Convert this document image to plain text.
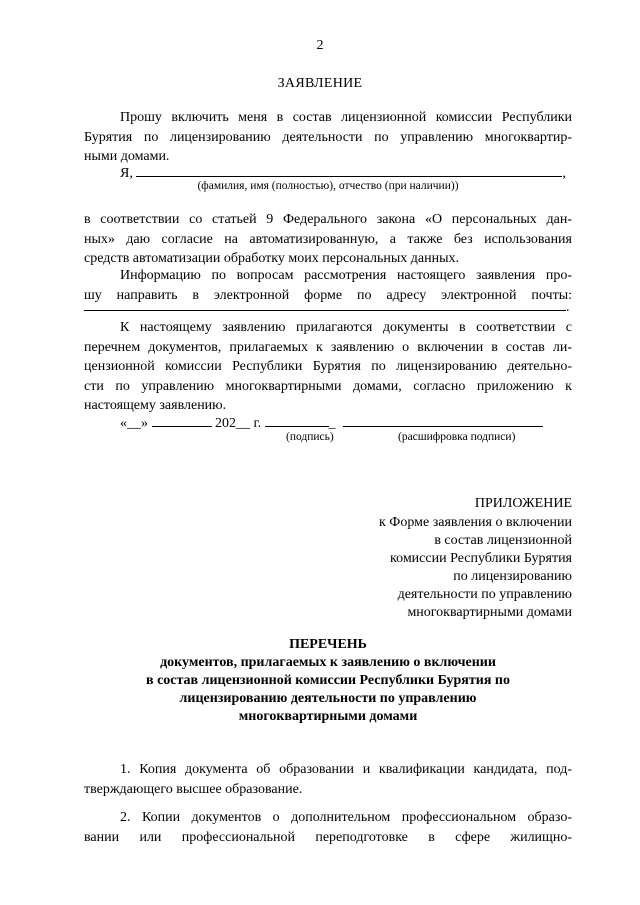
2
ЗАЯВЛЕНИЕ
Прошу включить меня в состав лицензионной комиссии Республики
Бурятия по лицензированию деятельности по управлению многоквартир-
ными домами.
Я,	,
(фамилия, имя (полностью), отчество (при наличии))
в соответствии со статьей 9 Федерального закона «О персональных дан-
ных» даю согласие на автоматизированную, а также без использования
средств автоматизации обработку моих персональных данных.
Информацию по вопросам рассмотрения настоящего заявления про-
шу направить в электронной форме по адресу электронной почты:
.
К настоящему заявлению прилагаются документы в соответствии с
перечнем документов, прилагаемых к заявлению о включении в состав ли-
цензионной комиссии Республики Бурятия по лицензированию деятельно-
сти по управлению многоквартирными домами, согласно приложению к
настоящему заявлению.
«__»	202__ г.	_
(подпись)	(расшифровка подписи)
ПРИЛОЖЕНИЕ
к Форме заявления о включении
в состав лицензионной
комиссии Республики Бурятия
по лицензированию
деятельности по управлению
многоквартирными домами
ПЕРЕЧЕНЬ
документов, прилагаемых к заявлению о включении
в состав лицензионной комиссии Республики Бурятия по
лицензированию деятельности по управлению
многоквартирными домами
1. Копия документа об образовании и квалификации кандидата, под-
тверждающего высшее образование.
2. Копии документов о дополнительном профессиональном образо-
вании или профессиональной переподготовке в сфере жилищно-
